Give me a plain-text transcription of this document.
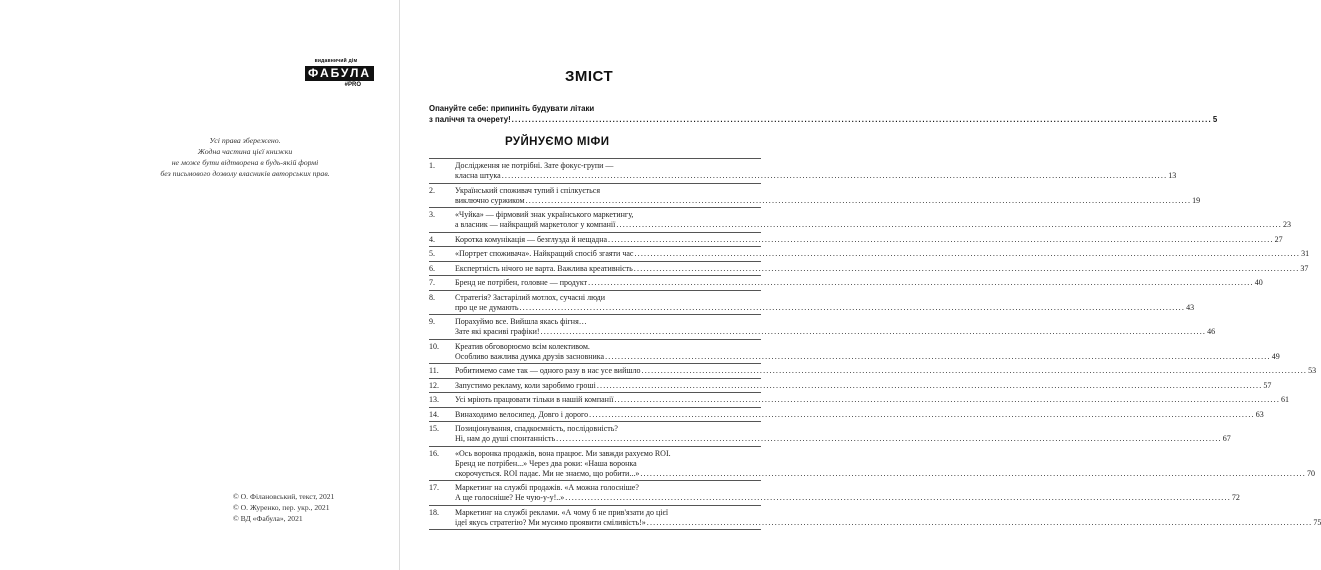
видавничий дім
ФАБУЛА
#PRO
Усі права збережено.
Жодна частина цієї книжки
не може бути відтворена в будь-якій формі
без письмового дозволу власників авторських прав.
© О. Філановський, текст, 2021
© О. Журенко, пер. укр., 2021
© ВД «Фабула», 2021
ЗМІСТ
Опануйте себе: припиніть будувати літаки
з паліччя та очерету! .....	5
РУЙНУЄМО МІФИ
1.	Дослідження не потрібні. Зате фокус-групи —
класна штука .....	13
2.	Український споживач тупий і спілкується
виключно суржиком .....	19
3.	«Чуйка» — фірмовий знак українського маркетингу,
а власник — найкращий маркетолог у компанії .....	23
4.	Коротка комунікація — безглузда й нещадна .....	27
5.	«Портрет споживача». Найкращий спосіб згаяти час .....	31
6.	Експертність нічого не варта. Важлива креативність .....	37
7.	Бренд не потрібен, головне — продукт .....	40
8.	Стратегія? Застарілий мотлох, сучасні люди
про це не думають .....	43
9.	Порахуймо все. Вийшла якась фігня…
Зате які красиві графіки! .....	46
10.	Креатив обговорюємо всім колективом.
Особливо важлива думка друзів засновника .....	49
11.	Робитимемо саме так — одного разу в нас усе вийшло .....	53
12.	Запустимо рекламу, коли заробимо гроші .....	57
13.	Усі мріють працювати тільки в нашій компанії .....	61
14.	Винаходимо велосипед. Довго і дорого .....	63
15.	Позиціонування, спадкоємність, послідовність?
Ні, нам до душі спонтанність .....	67
16.	«Ось воронка продажів, вона працює. Ми завжди рахуємо ROI.
Бренд не потрібен...» Через два роки: «Наша воронка
скорочується. ROI падає. Ми не знаємо, що робити...» .....	70
17.	Маркетинг на службі продажів. «А можна голосніше?
А ще голосніше? Не чую-у-у!..» .....	72
18.	Маркетинг на службі реклами. «А чому б не прив'язати до цієї
ідеї якусь стратегію? Ми мусимо проявити сміливість!» .....	75
